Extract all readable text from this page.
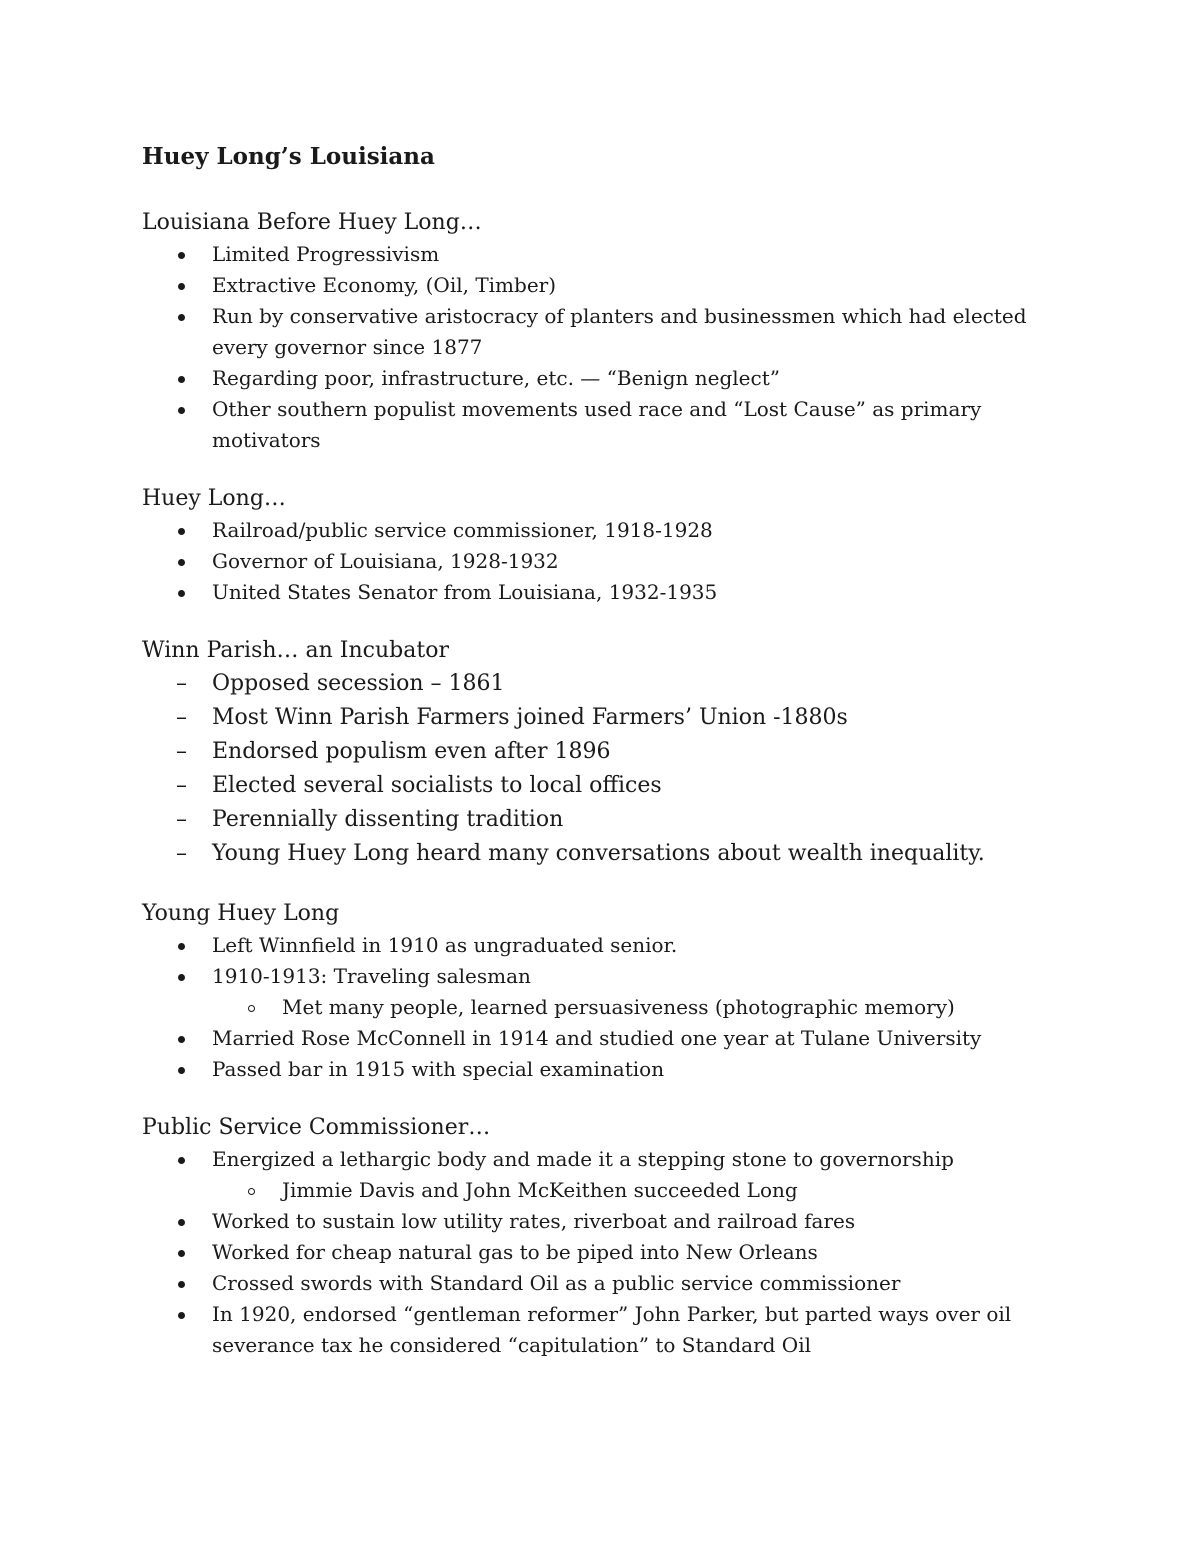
Huey Long’s Louisiana
Louisiana Before Huey Long…
Limited Progressivism
Extractive Economy, (Oil, Timber)
Run by conservative aristocracy of planters and businessmen which had elected every governor since 1877
Regarding poor, infrastructure, etc. — “Benign neglect”
Other southern populist movements used race and “Lost Cause” as primary motivators
Huey Long…
Railroad/public service commissioner, 1918-1928
Governor of Louisiana, 1928-1932
United States Senator from Louisiana, 1932-1935
Winn Parish… an Incubator
– Opposed secession – 1861
– Most Winn Parish Farmers joined Farmers’ Union -1880s
– Endorsed populism even after 1896
– Elected several socialists to local offices
– Perennially dissenting tradition
– Young Huey Long heard many conversations about wealth inequality.
Young Huey Long
Left Winnfield in 1910 as ungraduated senior.
1910-1913: Traveling salesman
Met many people, learned persuasiveness (photographic memory)
Married Rose McConnell in 1914 and studied one year at Tulane University
Passed bar in 1915 with special examination
Public Service Commissioner…
Energized a lethargic body and made it a stepping stone to governorship
Jimmie Davis and John McKeithen succeeded Long
Worked to sustain low utility rates, riverboat and railroad fares
Worked for cheap natural gas to be piped into New Orleans
Crossed swords with Standard Oil as a public service commissioner
In 1920, endorsed “gentleman reformer” John Parker, but parted ways over oil severance tax he considered “capitulation” to Standard Oil
